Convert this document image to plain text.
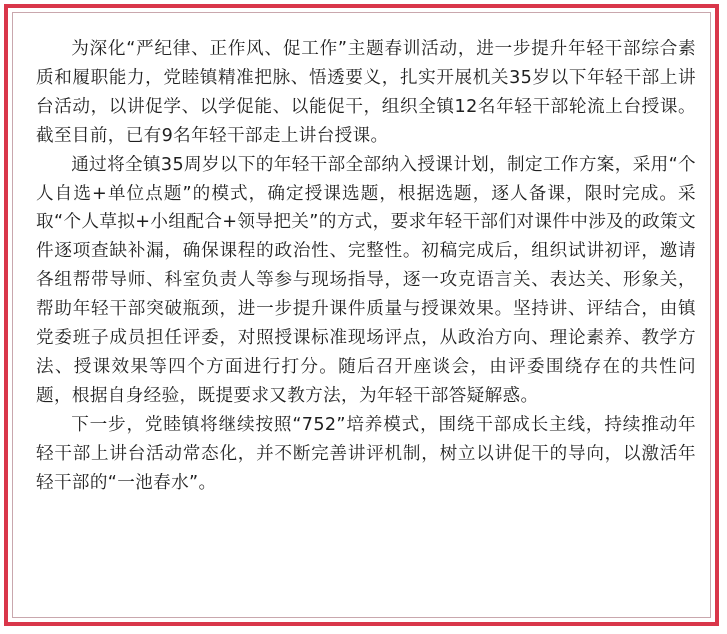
为深化“严纪律、正作风、促工作”主题春训活动，进一步提升年轻干部综合素质和履职能力，党睦镇精准把脉、悟透要义，扎实开展机关35岁以下年轻干部上讲台活动，以讲促学、以学促能、以能促干，组织全镇12名年轻干部轮流上台授课。截至目前，已有9名年轻干部走上讲台授课。

通过将全镇35周岁以下的年轻干部全部纳入授课计划，制定工作方案，采用“个人自选+单位点题”的模式，确定授课选题，根据选题，逐人备课，限时完成。采取“个人草拟+小组配合+领导把关”的方式，要求年轻干部们对课件中涉及的政策文件逐项查缺补漏，确保课程的政治性、完整性。初稿完成后，组织试讲初评，邀请各组帮带导师、科室负责人等参与现场指导，逐一攻克语言关、表达关、形象关，帮助年轻干部突破瓶颈，进一步提升课件质量与授课效果。坚持讲、评结合，由镇党委班子成员担任评委，对照授课标准现场评点，从政治方向、理论素养、教学方法、授课效果等四个方面进行打分。随后召开座谈会，由评委围绕存在的共性问题，根据自身经验，既提要求又教方法，为年轻干部答疑解惑。

下一步，党睦镇将继续按照“752”培养模式，围绕干部成长主线，持续推动年轻干部上讲台活动常态化，并不断完善讲评机制，树立以讲促干的导向，以激活年轻干部的“一池春水”。
